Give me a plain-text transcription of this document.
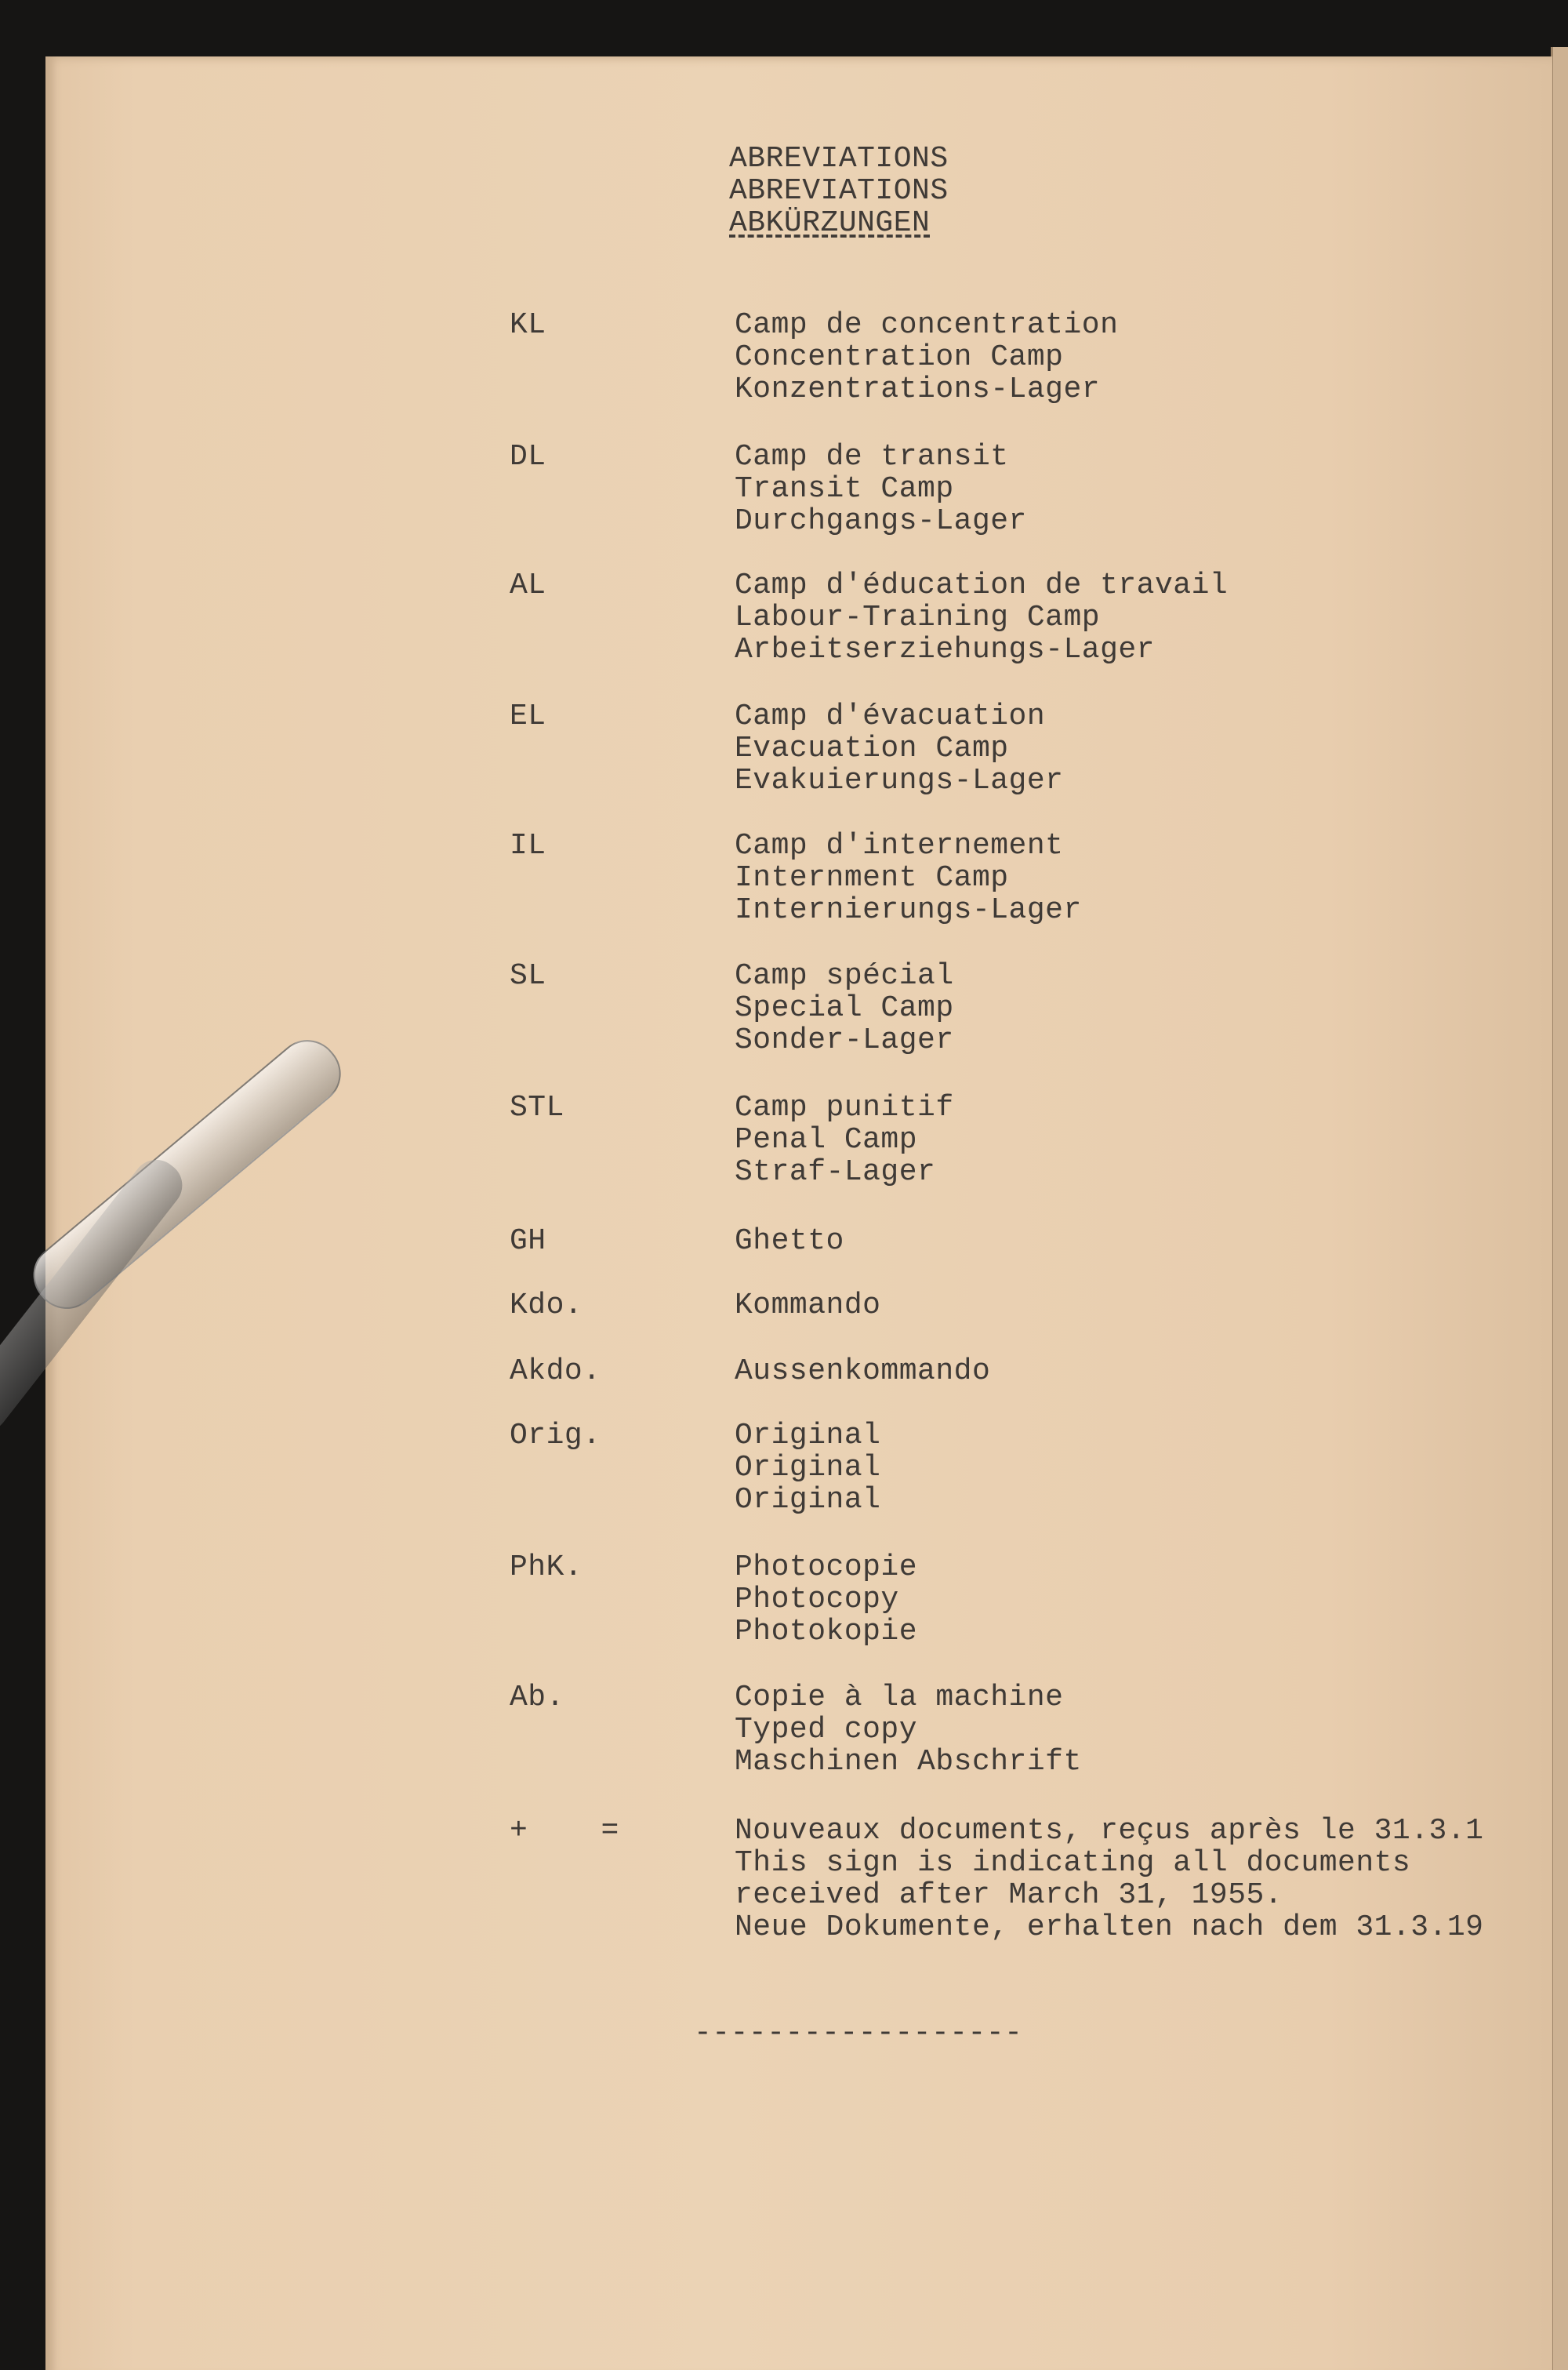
ABREVIATIONS
ABREVIATIONS
ABKÜRZUNGEN
KL	Camp de concentration
Concentration Camp
Konzentrations-Lager
DL	Camp de transit
Transit Camp
Durchgangs-Lager
AL	Camp d'éducation de travail
Labour-Training Camp
Arbeitserziehungs-Lager
EL	Camp d'évacuation
Evacuation Camp
Evakuierungs-Lager
IL	Camp d'internement
Internment Camp
Internierungs-Lager
SL	Camp spécial
Special Camp
Sonder-Lager
STL	Camp punitif
Penal Camp
Straf-Lager
GH	Ghetto
Kdo.	Kommando
Akdo.	Aussenkommando
Orig.	Original
Original
Original
PhK.	Photocopie
Photocopy
Photokopie
Ab.	Copie à la machine
Typed copy
Maschinen Abschrift
+    =	Nouveaux documents, reçus après le 31.3.1
This sign is indicating all documents
received after March 31, 1955.
Neue Dokumente, erhalten nach dem 31.3.19
------------------
